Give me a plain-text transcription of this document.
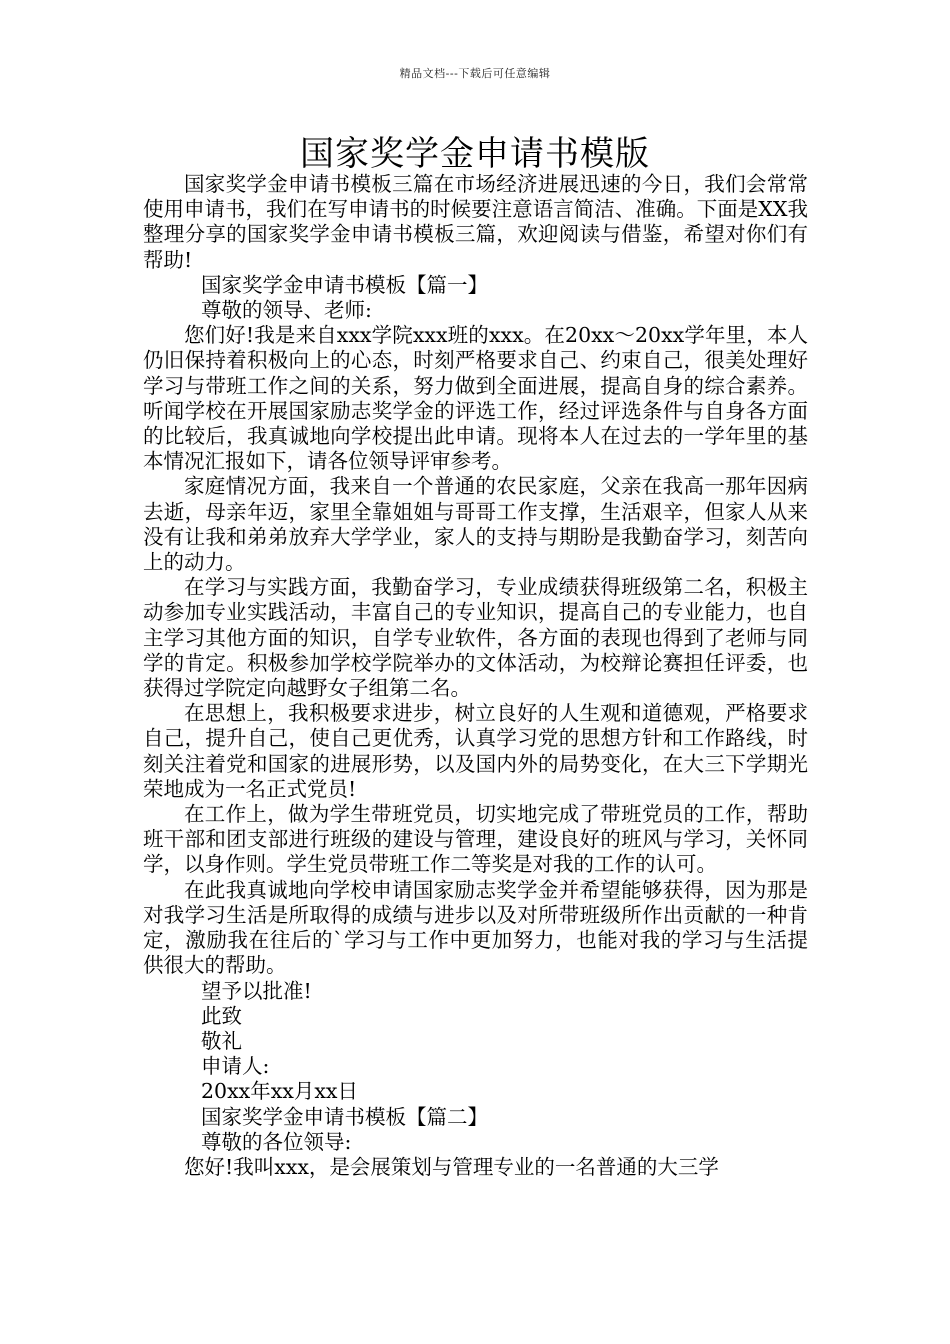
精品文档---下载后可任意编辑
国家奖学金申请书模版

国家奖学金申请书模板三篇在市场经济进展迅速的今日，我们会常常使用申请书，我们在写申请书的时候要注意语言简洁、准确。下面是XX我整理分享的国家奖学金申请书模板三篇，欢迎阅读与借鉴，希望对你们有帮助!

国家奖学金申请书模板【篇一】

尊敬的领导、老师:

您们好!我是来自xxx学院xxx班的xxx。在20xx～20xx学年里，本人仍旧保持着积极向上的心态，时刻严格要求自己、约束自己，很美处理好学习与带班工作之间的关系，努力做到全面进展，提高自身的综合素养。听闻学校在开展国家励志奖学金的评选工作，经过评选条件与自身各方面的比较后，我真诚地向学校提出此申请。现将本人在过去的一学年里的基本情况汇报如下，请各位领导评审参考。

家庭情况方面，我来自一个普通的农民家庭，父亲在我高一那年因病去逝，母亲年迈，家里全靠姐姐与哥哥工作支撑，生活艰辛，但家人从来没有让我和弟弟放弃大学学业，家人的支持与期盼是我勤奋学习，刻苦向上的动力。

在学习与实践方面，我勤奋学习，专业成绩获得班级第二名，积极主动参加专业实践活动，丰富自己的专业知识，提高自己的专业能力，也自主学习其他方面的知识，自学专业软件，各方面的表现也得到了老师与同学的肯定。积极参加学校学院举办的文体活动，为校辩论赛担任评委，也获得过学院定向越野女子组第二名。

在思想上，我积极要求进步，树立良好的人生观和道德观，严格要求自己，提升自己，使自己更优秀，认真学习党的思想方针和工作路线，时刻关注着党和国家的进展形势，以及国内外的局势变化，在大三下学期光荣地成为一名正式党员!

在工作上，做为学生带班党员，切实地完成了带班党员的工作，帮助班干部和团支部进行班级的建设与管理，建设良好的班风与学习，关怀同学，以身作则。学生党员带班工作二等奖是对我的工作的认可。

在此我真诚地向学校申请国家励志奖学金并希望能够获得，因为那是对我学习生活是所取得的成绩与进步以及对所带班级所作出贡献的一种肯定，激励我在往后的`学习与工作中更加努力，也能对我的学习与生活提供很大的帮助。

望予以批准!

此致

敬礼

申请人:

20xx年xx月xx日

国家奖学金申请书模板【篇二】

尊敬的各位领导:

您好!我叫xxx，是会展策划与管理专业的一名普通的大三学
